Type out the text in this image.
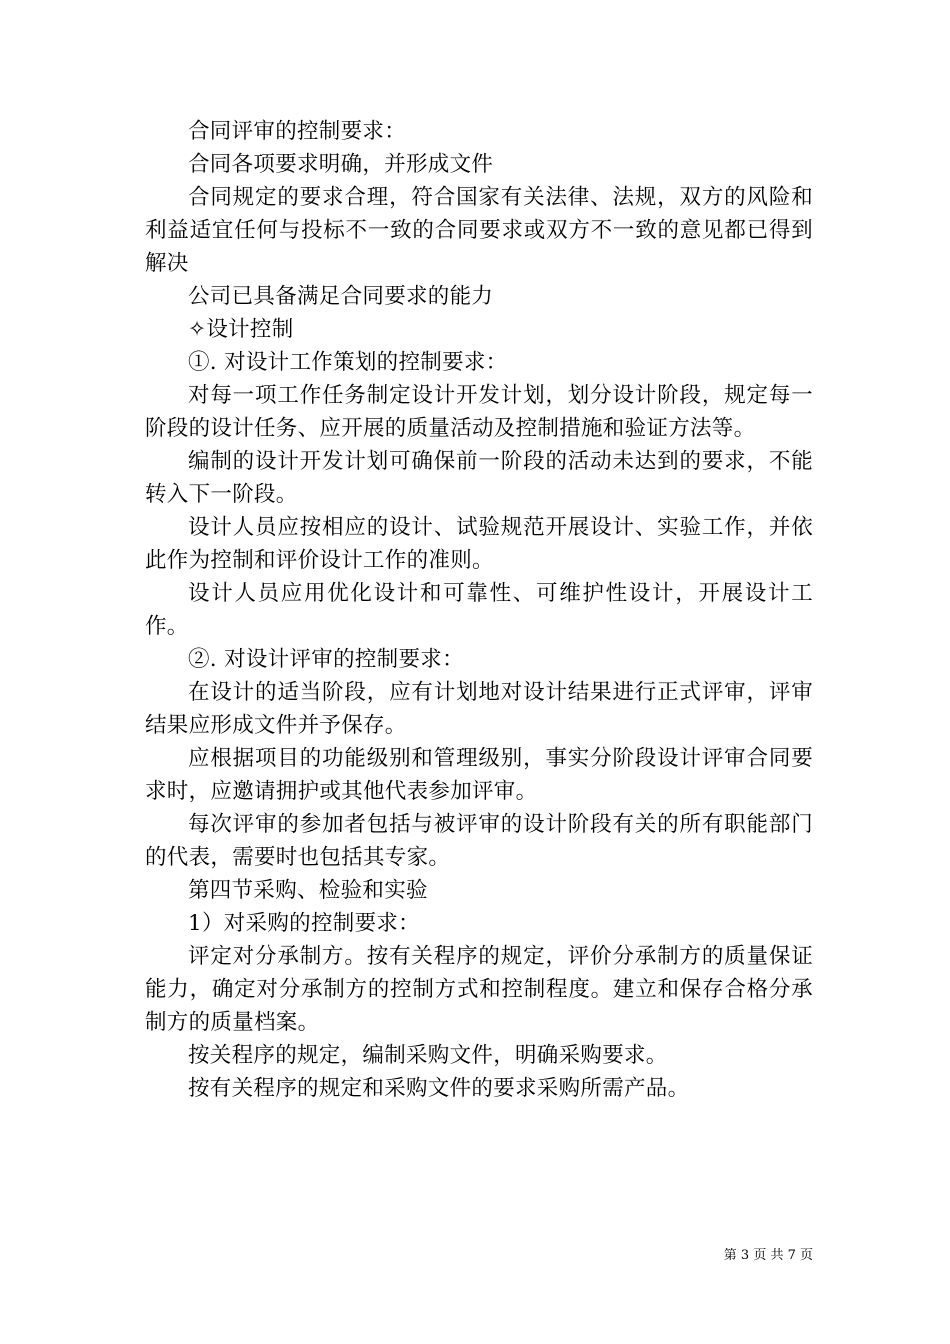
合同评审的控制要求：

合同各项要求明确，并形成文件

合同规定的要求合理，符合国家有关法律、法规，双方的风险和利益适宜任何与投标不一致的合同要求或双方不一致的意见都已得到解决

公司已具备满足合同要求的能力

✧设计控制

①. 对设计工作策划的控制要求：

对每一项工作任务制定设计开发计划，划分设计阶段，规定每一阶段的设计任务、应开展的质量活动及控制措施和验证方法等。

编制的设计开发计划可确保前一阶段的活动未达到的要求，不能转入下一阶段。

设计人员应按相应的设计、试验规范开展设计、实验工作，并依此作为控制和评价设计工作的准则。

设计人员应用优化设计和可靠性、可维护性设计，开展设计工作。

②. 对设计评审的控制要求：

在设计的适当阶段，应有计划地对设计结果进行正式评审，评审结果应形成文件并予保存。

应根据项目的功能级别和管理级别，事实分阶段设计评审合同要求时，应邀请拥护或其他代表参加评审。

每次评审的参加者包括与被评审的设计阶段有关的所有职能部门的代表，需要时也包括其专家。

第四节采购、检验和实验

1）对采购的控制要求：

评定对分承制方。按有关程序的规定，评价分承制方的质量保证能力，确定对分承制方的控制方式和控制程度。建立和保存合格分承制方的质量档案。

按关程序的规定，编制采购文件，明确采购要求。

按有关程序的规定和采购文件的要求采购所需产品。

第 3 页 共 7 页
